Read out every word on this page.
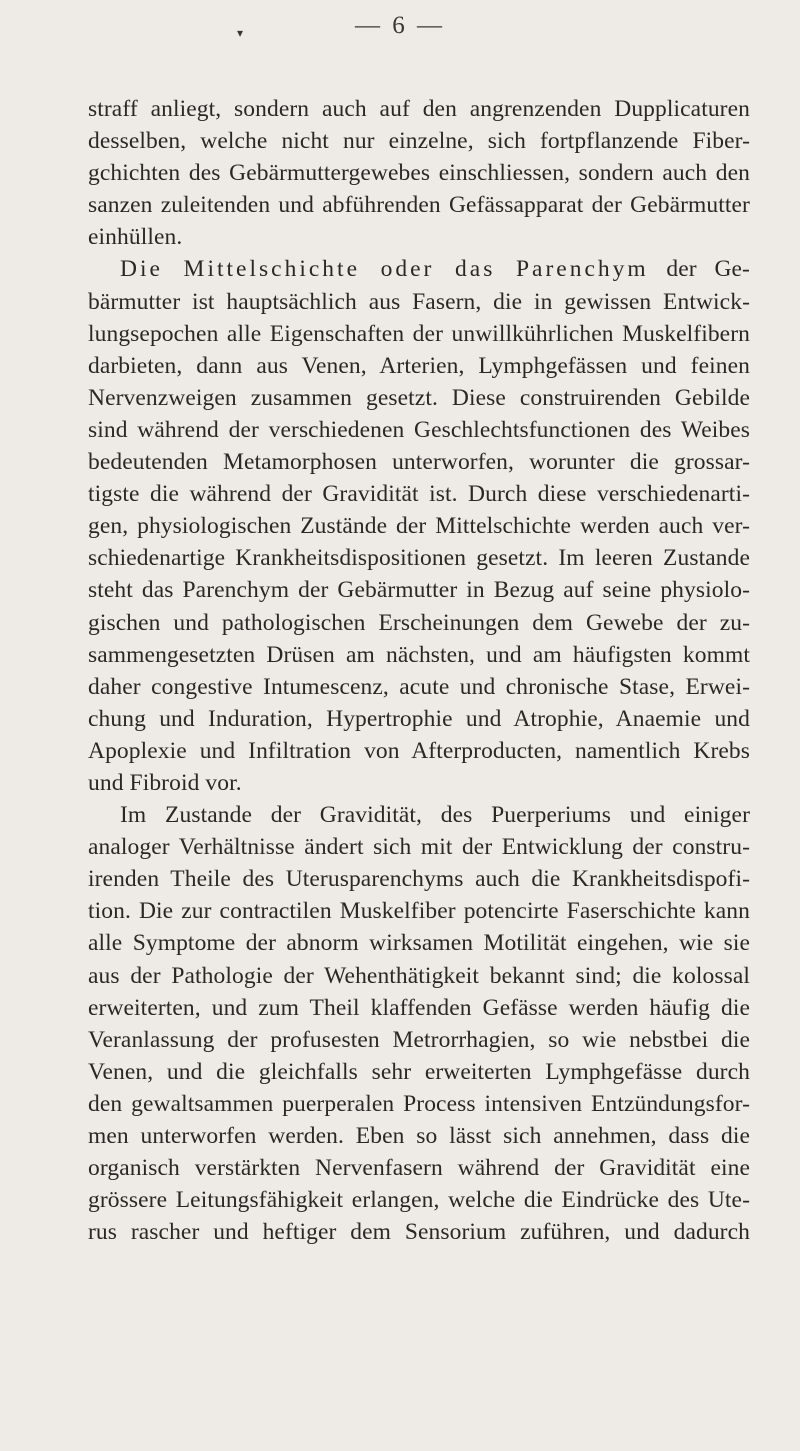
— 6 —
▾
straff anliegt, sondern auch auf den angrenzenden Dupplicaturen
desselben, welche nicht nur einzelne, sich fortpflanzende Fiber-
gchichten des Gebärmuttergewebes einschliessen, sondern auch den
sanzen zuleitenden und abführenden Gefässapparat der Gebärmutter
einhüllen.
Die Mittelschichte oder das Parenchym der Ge-
bärmutter ist hauptsächlich aus Fasern, die in gewissen Entwick-
lungsepochen alle Eigenschaften der unwillkührlichen Muskelfibern
darbieten, dann aus Venen, Arterien, Lymphgefässen und feinen
Nervenzweigen zusammen gesetzt. Diese construirenden Gebilde
sind während der verschiedenen Geschlechtsfunctionen des Weibes
bedeutenden Metamorphosen unterworfen, worunter die grossar-
tigste die während der Gravidität ist. Durch diese verschiedenarti-
gen, physiologischen Zustände der Mittelschichte werden auch ver-
schiedenartige Krankheitsdispositionen gesetzt. Im leeren Zustande
steht das Parenchym der Gebärmutter in Bezug auf seine physiolo-
gischen und pathologischen Erscheinungen dem Gewebe der zu-
sammengesetzten Drüsen am nächsten, und am häufigsten kommt
daher congestive Intumescenz, acute und chronische Stase, Erwei-
chung und Induration, Hypertrophie und Atrophie, Anaemie und
Apoplexie und Infiltration von Afterproducten, namentlich Krebs
und Fibroid vor.
Im Zustande der Gravidität, des Puerperiums und einiger
analoger Verhältnisse ändert sich mit der Entwicklung der constru-
irenden Theile des Uterusparenchyms auch die Krankheitsdispofi-
tion. Die zur contractilen Muskelfiber potencirte Faserschichte kann
alle Symptome der abnorm wirksamen Motilität eingehen, wie sie
aus der Pathologie der Wehenthätigkeit bekannt sind; die kolossal
erweiterten, und zum Theil klaffenden Gefässe werden häufig die
Veranlassung der profusesten Metrorrhagien, so wie nebstbei die
Venen, und die gleichfalls sehr erweiterten Lymphgefässe durch
den gewaltsammen puerperalen Process intensiven Entzündungsfor-
men unterworfen werden. Eben so lässt sich annehmen, dass die
organisch verstärkten Nervenfasern während der Gravidität eine
grössere Leitungsfähigkeit erlangen, welche die Eindrücke des Ute-
rus rascher und heftiger dem Sensorium zuführen, und dadurch
